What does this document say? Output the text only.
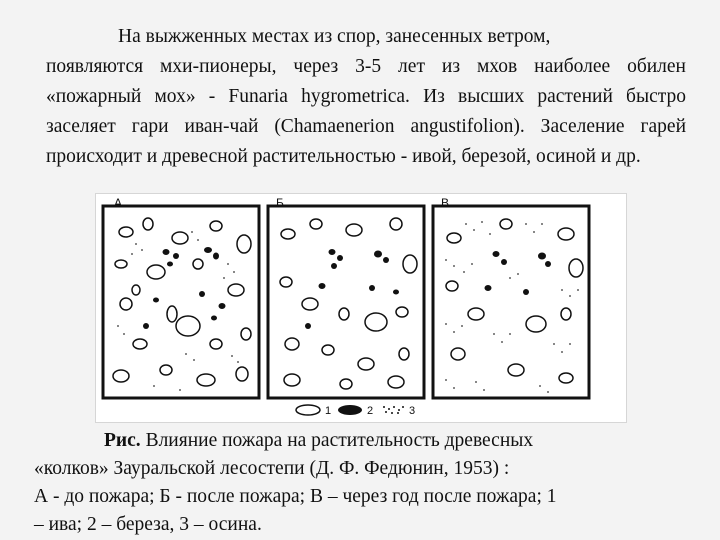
На выжженных местах из спор, занесенных ветром,
появляются мхи-пионеры, через 3-5 лет из мхов наиболее обилен «пожарный мох» - Funaria hygrometrica. Из высших растений быстро заселяет гари иван-чай (Chamaenerion angustifolion). Заселение гарей происходит и древесной растительностью - ивой, березой, осиной и др.
А	Б	В
1	2	3
Рис. Влияние пожара на растительность древесных
«колков» Зауральской лесостепи (Д. Ф. Федюнин, 1953) :
А - до пожара; Б - после пожара; В – через год после пожара; 1
– ива; 2 – береза, 3 – осина.
